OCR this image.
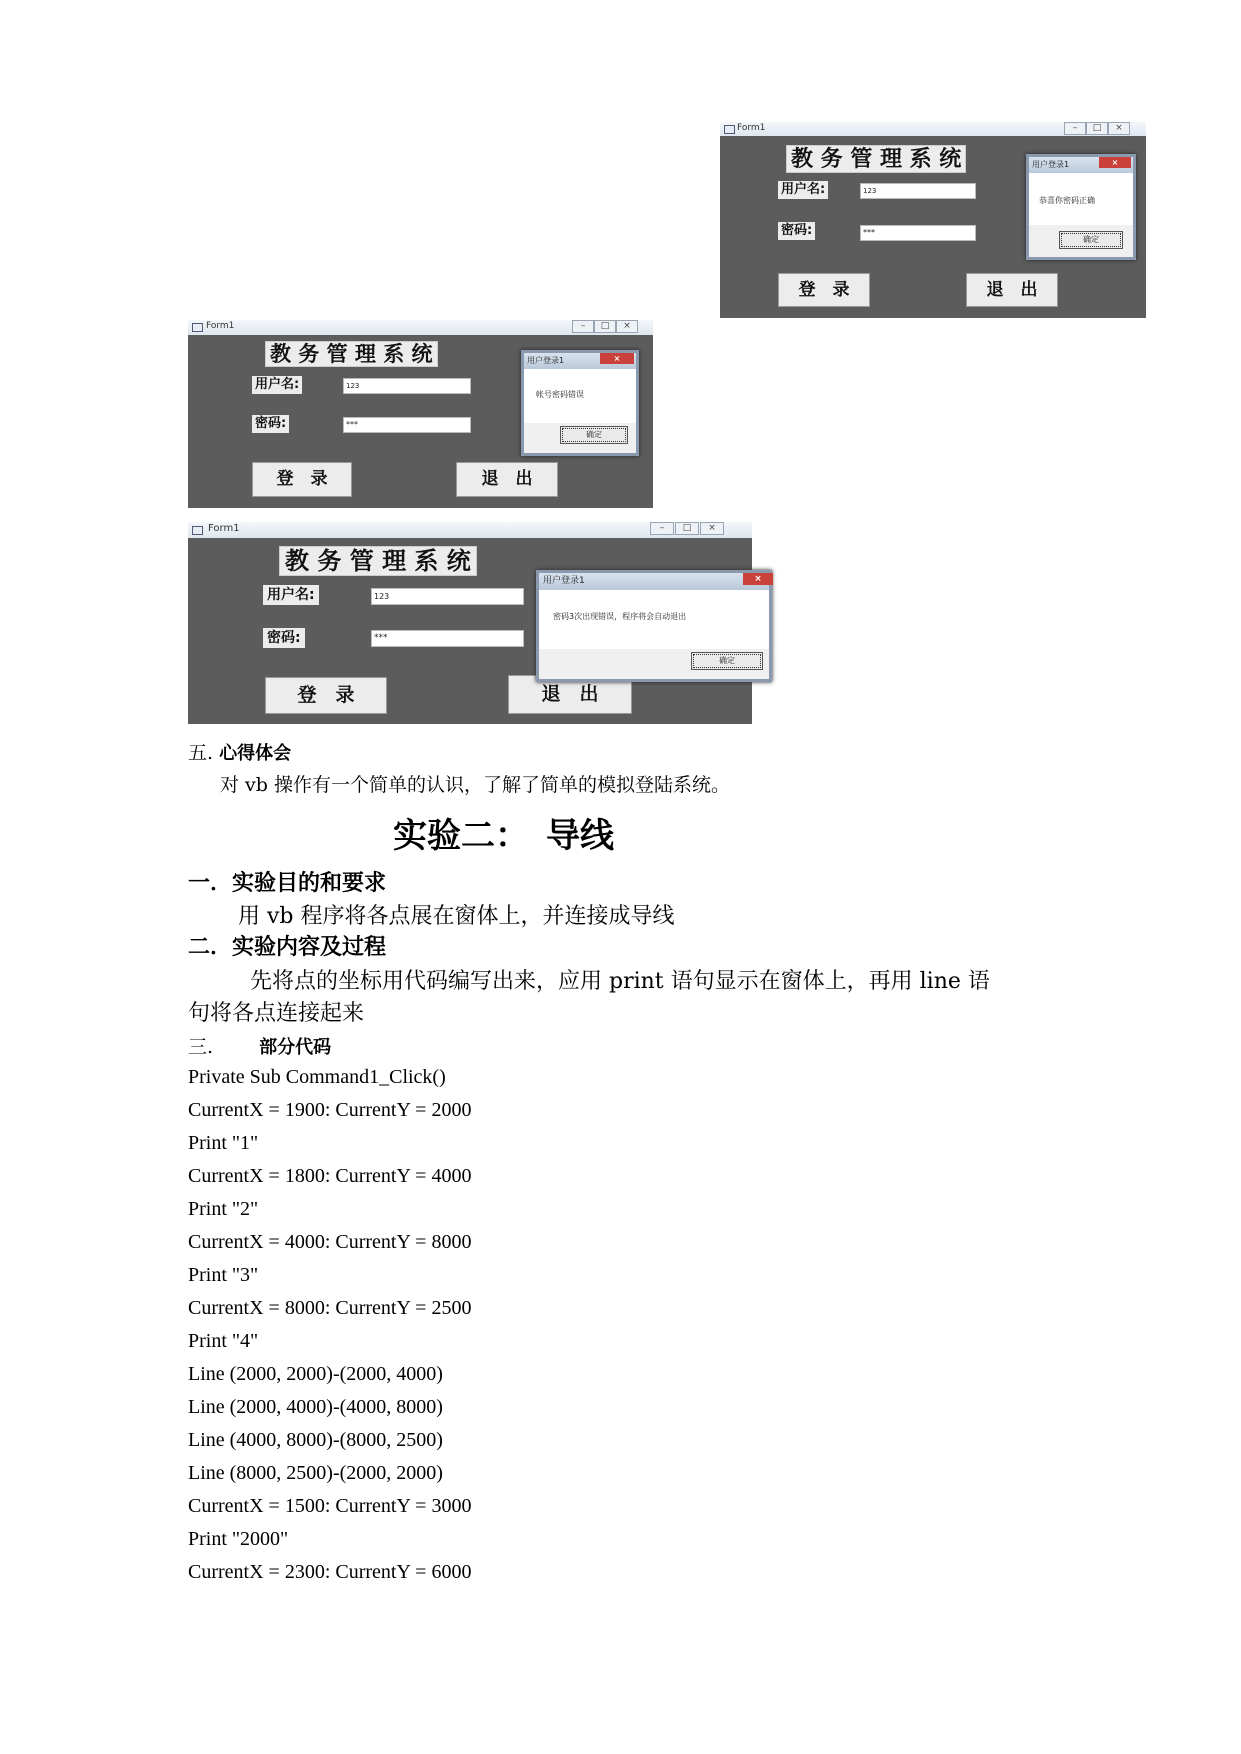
Form1	–	□	×
教 务 管 理 系 统
用户名:	123
密码:	***
登　录	退　出
用户登录1	×
恭喜你密码正确
确定
Form1	–	□	×
教 务 管 理 系 统
用户名:	123
密码:	***
登　录	退　出
用户登录1	×
帐号密码错误
确定
Form1	–	□	×
教 务 管 理 系 统
用户名:	123
密码:	***
登　录	退　出
用户登录1	×
密码3次出现错误，程序将会自动退出
确定
五. 心得体会
对 vb 操作有一个简单的认识，了解了简单的模拟登陆系统。
实验二：　导线
一．实验目的和要求
用 vb 程序将各点展在窗体上，并连接成导线
二．实验内容及过程
先将点的坐标用代码编写出来，应用 print 语句显示在窗体上，再用 line 语
句将各点连接起来
三.	部分代码
Private Sub Command1_Click()
CurrentX = 1900: CurrentY = 2000
Print "1"
CurrentX = 1800: CurrentY = 4000
Print "2"
CurrentX = 4000: CurrentY = 8000
Print "3"
CurrentX = 8000: CurrentY = 2500
Print "4"
Line (2000, 2000)-(2000, 4000)
Line (2000, 4000)-(4000, 8000)
Line (4000, 8000)-(8000, 2500)
Line (8000, 2500)-(2000, 2000)
CurrentX = 1500: CurrentY = 3000
Print "2000"
CurrentX = 2300: CurrentY = 6000
